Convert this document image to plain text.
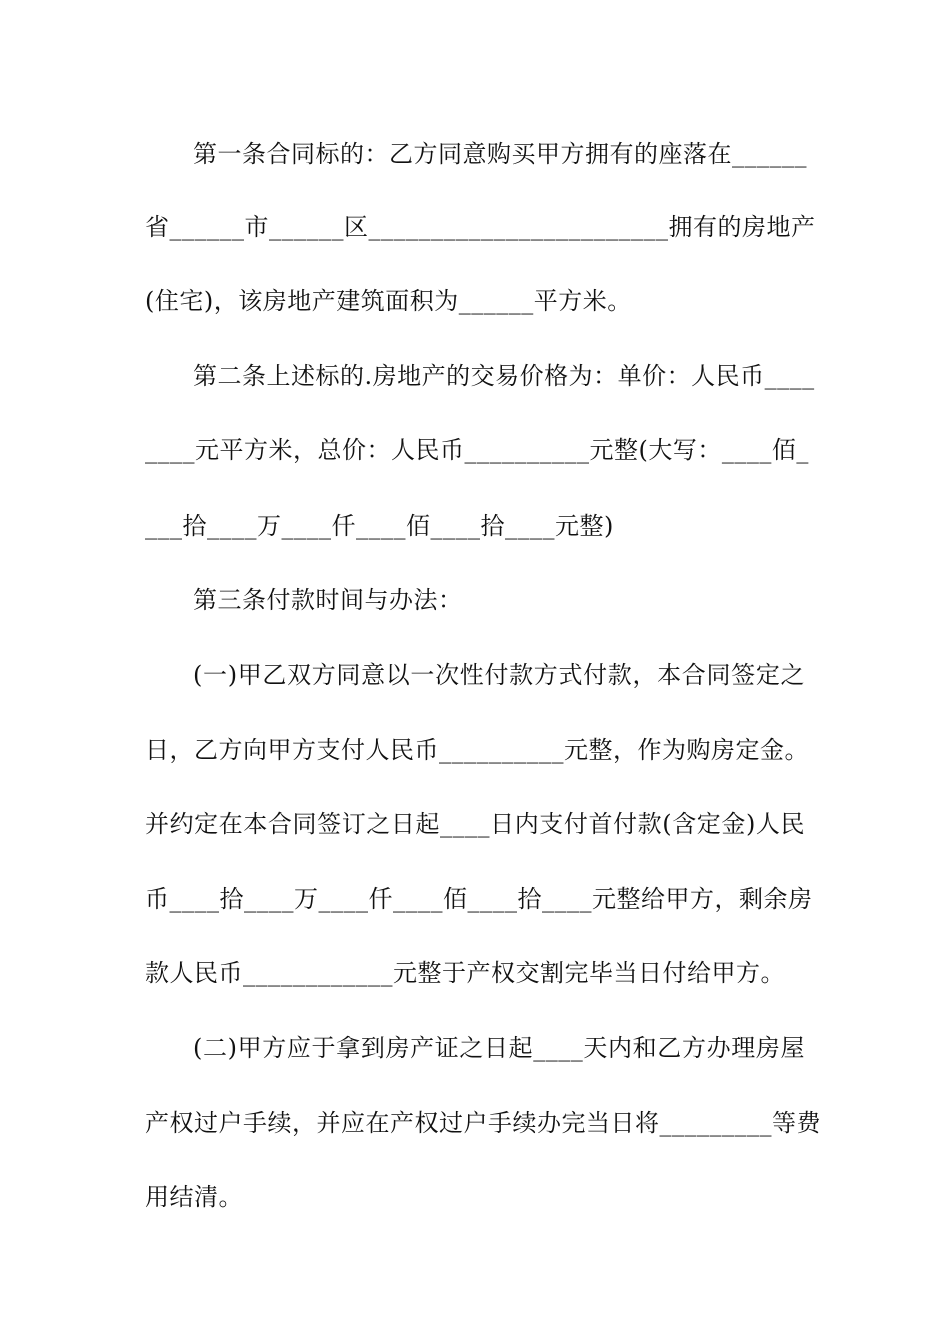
第一条合同标的：乙方同意购买甲方拥有的座落在______
省______市______区________________________拥有的房地产
(住宅)，该房地产建筑面积为______平方米。
第二条上述标的.房地产的交易价格为：单价：人民币____
____元平方米，总价：人民币__________元整(大写：____佰_
___拾____万____仟____佰____拾____元整)
第三条付款时间与办法：
(一)甲乙双方同意以一次性付款方式付款，本合同签定之
日，乙方向甲方支付人民币__________元整，作为购房定金。
并约定在本合同签订之日起____日内支付首付款(含定金)人民
币____拾____万____仟____佰____拾____元整给甲方，剩余房
款人民币____________元整于产权交割完毕当日付给甲方。
(二)甲方应于拿到房产证之日起____天内和乙方办理房屋
产权过户手续，并应在产权过户手续办完当日将_________等费
用结清。
